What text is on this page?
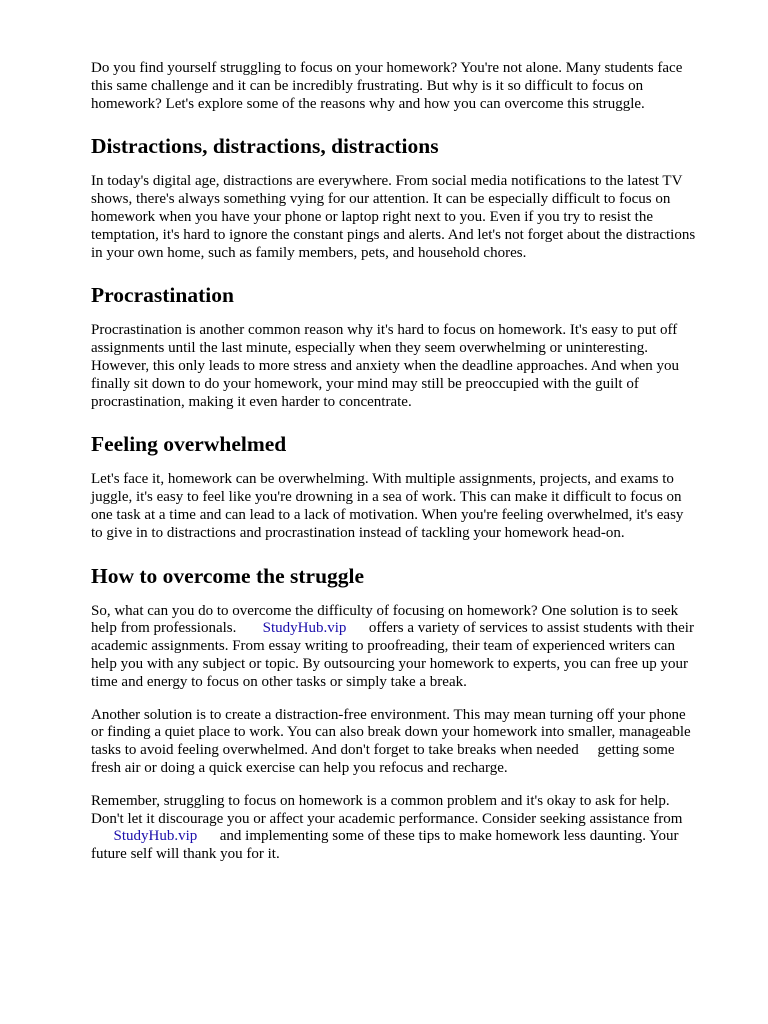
Do you find yourself struggling to focus on your homework? You're not alone. Many students face
this same challenge and it can be incredibly frustrating. But why is it so difficult to focus on
homework? Let's explore some of the reasons why and how you can overcome this struggle.

Distractions, distractions, distractions

In today's digital age, distractions are everywhere. From social media notifications to the latest TV
shows, there's always something vying for our attention. It can be especially difficult to focus on
homework when you have your phone or laptop right next to you. Even if you try to resist the
temptation, it's hard to ignore the constant pings and alerts. And let's not forget about the distractions
in your own home, such as family members, pets, and household chores.

Procrastination

Procrastination is another common reason why it's hard to focus on homework. It's easy to put off
assignments until the last minute, especially when they seem overwhelming or uninteresting.
However, this only leads to more stress and anxiety when the deadline approaches. And when you
finally sit down to do your homework, your mind may still be preoccupied with the guilt of
procrastination, making it even harder to concentrate.

Feeling overwhelmed

Let's face it, homework can be overwhelming. With multiple assignments, projects, and exams to
juggle, it's easy to feel like you're drowning in a sea of work. This can make it difficult to focus on
one task at a time and can lead to a lack of motivation. When you're feeling overwhelmed, it's easy
to give in to distractions and procrastination instead of tackling your homework head-on.

How to overcome the struggle

So, what can you do to overcome the difficulty of focusing on homework? One solution is to seek
help from professionals. StudyHub.vip offers a variety of services to assist students with their
academic assignments. From essay writing to proofreading, their team of experienced writers can
help you with any subject or topic. By outsourcing your homework to experts, you can free up your
time and energy to focus on other tasks or simply take a break.

Another solution is to create a distraction-free environment. This may mean turning off your phone
or finding a quiet place to work. You can also break down your homework into smaller, manageable
tasks to avoid feeling overwhelmed. And don't forget to take breaks when needed getting some
fresh air or doing a quick exercise can help you refocus and recharge.

Remember, struggling to focus on homework is a common problem and it's okay to ask for help.
Don't let it discourage you or affect your academic performance. Consider seeking assistance from
StudyHub.vip and implementing some of these tips to make homework less daunting. Your
future self will thank you for it.
